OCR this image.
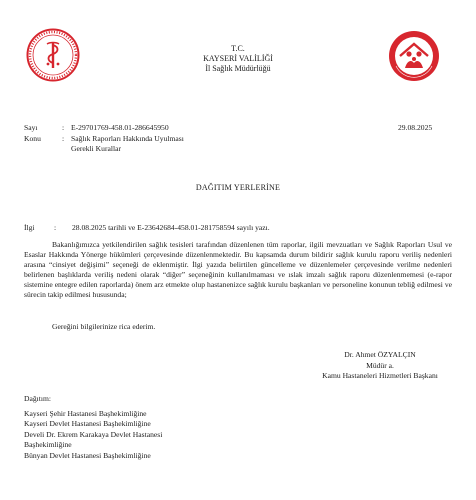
T.C.
KAYSERİ VALİLİĞİ
İl Sağlık Müdürlüğü
Sayı	: E-29701769-458.01-286645950	29.08.2025
Konu	: Sağlık Raporları Hakkında Uyulması
Gerekli Kurallar
DAĞITIM YERLERİNE
İlgi	: 28.08.2025 tarihli ve E-23642684-458.01-281758594 sayılı yazı.

Bakanlığımızca yetkilendirilen sağlık tesisleri tarafından düzenlenen tüm raporlar, ilgili mevzuatları ve Sağlık Raporları Usul ve Esaslar Hakkında Yönerge hükümleri çerçevesinde düzenlenmektedir. Bu kapsamda durum bildirir sağlık kurulu raporu veriliş nedenleri arasına “cinsiyet değişimi” seçeneği de eklenmiştir. İlgi yazıda belirtilen güncelleme ve düzenlemeler çerçevesinde verilme nedenleri belirlenen başlıklarda veriliş nedeni olarak “diğer” seçeneğinin kullanılmaması ve ıslak imzalı sağlık raporu düzenlenmemesi (e-rapor sistemine entegre edilen raporlarda) önem arz etmekte olup hastanenizce sağlık kurulu başkanları ve personeline konunun tebliğ edilmesi ve sürecin takip edilmesi hususunda;

Gereğini bilgilerinize rica ederim.
Dr. Ahmet ÖZYALÇIN
Müdür a.
Kamu Hastaneleri Hizmetleri Başkanı
Dağıtım:
Kayseri Şehir Hastanesi Başhekimliğine
Kayseri Devlet Hastanesi Başhekimliğine
Develi Dr. Ekrem Karakaya Devlet Hastanesi
Başhekimliğine
Bünyan Devlet Hastanesi Başhekimliğine
